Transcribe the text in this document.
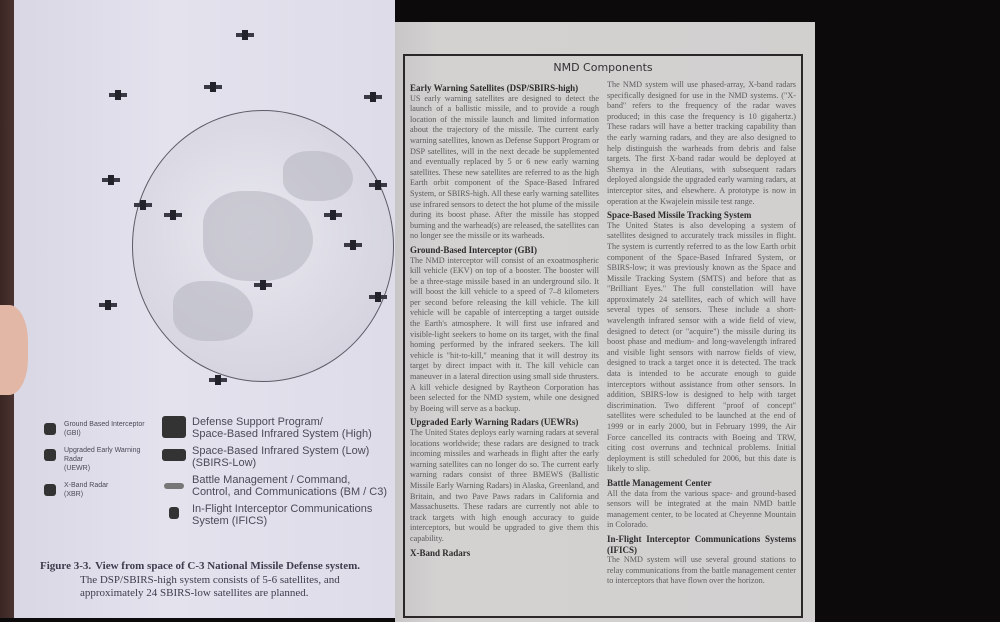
Ground Based Interceptor
(GBI)
Upgraded Early Warning Radar
(UEWR)
X-Band Radar
(XBR)
Defense Support Program/
Space-Based Infrared System (High)
Space-Based Infrared System (Low)
(SBIRS-Low)
Battle Management / Command,
Control, and Communications (BM / C3)
In-Flight Interceptor Communications
System (IFICS)
Figure 3-3. View from space of C-3 National Missile Defense system.

The DSP/SBIRS-high system consists of 5-6 satellites, and approximately 24 SBIRS-low satellites are planned.

NMD Components
Early Warning Satellites (DSP/SBIRS-high)

US early warning satellites are designed to detect the launch of a ballistic missile, and to provide a rough location of the missile launch and limited information about the trajectory of the missile. The current early warning satellites, known as Defense Support Program or DSP satellites, will in the next decade be supplemented and eventually replaced by 5 or 6 new early warning satellites. These new satellites are referred to as the high Earth orbit component of the Space-Based Infrared System, or SBIRS-high. All these early warning satellites use infrared sensors to detect the hot plume of the missile during its boost phase. After the missile has stopped burning and the warhead(s) are released, the satellites can no longer see the missile or its warheads.

Ground-Based Interceptor (GBI)

The NMD interceptor will consist of an exoatmospheric kill vehicle (EKV) on top of a booster. The booster will be a three-stage missile based in an underground silo. It will boost the kill vehicle to a speed of 7–8 kilometers per second before releasing the kill vehicle. The kill vehicle will be capable of intercepting a target outside the Earth's atmosphere. It will first use infrared and visible-light seekers to home on its target, with the final homing performed by the infrared seekers. The kill vehicle is "hit-to-kill," meaning that it will destroy its target by direct impact with it. The kill vehicle can maneuver in a lateral direction using small side thrusters. A kill vehicle designed by Raytheon Corporation has been selected for the NMD system, while one designed by Boeing will serve as a backup.

Upgraded Early Warning Radars (UEWRs)

The United States deploys early warning radars at several locations worldwide; these radars are designed to track incoming missiles and warheads in flight after the early warning satellites can no longer do so. The current early warning radars consist of three BMEWS (Ballistic Missile Early Warning Radars) in Alaska, Greenland, and Britain, and two Pave Paws radars in California and Massachusetts. These radars are currently not able to track targets with high enough accuracy to guide interceptors, but would be upgraded to give them this capability.

X-Band Radars

The NMD system will use phased-array, X-band radars specifically designed for use in the NMD systems. ("X-band" refers to the frequency of the radar waves produced; in this case the frequency is 10 gigahertz.) These radars will have a better tracking capability than the early warning radars, and they are also designed to help distinguish the warheads from debris and false targets. The first X-band radar would be deployed at Shemya in the Aleutians, with subsequent radars deployed alongside the upgraded early warning radars, at interceptor sites, and elsewhere. A prototype is now in operation at the Kwajelein missile test range.

Space-Based Missile Tracking System

The United States is also developing a system of satellites designed to accurately track missiles in flight. The system is currently referred to as the low Earth orbit component of the Space-Based Infrared System, or SBIRS-low; it was previously known as the Space and Missile Tracking System (SMTS) and before that as "Brilliant Eyes." The full constellation will have approximately 24 satellites, each of which will have several types of sensors. These include a short-wavelength infrared sensor with a wide field of view, designed to detect (or "acquire") the missile during its boost phase and medium- and long-wavelength infrared and visible light sensors with narrow fields of view, designed to track a target once it is detected. The track data is intended to be accurate enough to guide interceptors without assistance from other sensors. In addition, SBIRS-low is designed to help with target discrimination. Two different "proof of concept" satellites were scheduled to be launched at the end of 1999 or in early 2000, but in February 1999, the Air Force cancelled its contracts with Boeing and TRW, citing cost overruns and technical problems. Initial deployment is still scheduled for 2006, but this date is likely to slip.

Battle Management Center

All the data from the various space- and ground-based sensors will be integrated at the main NMD battle management center, to be located at Cheyenne Mountain in Colorado.

In-Flight Interceptor Communications Systems (IFICS)

The NMD system will use several ground stations to relay communications from the battle management center to interceptors that have flown over the horizon.
